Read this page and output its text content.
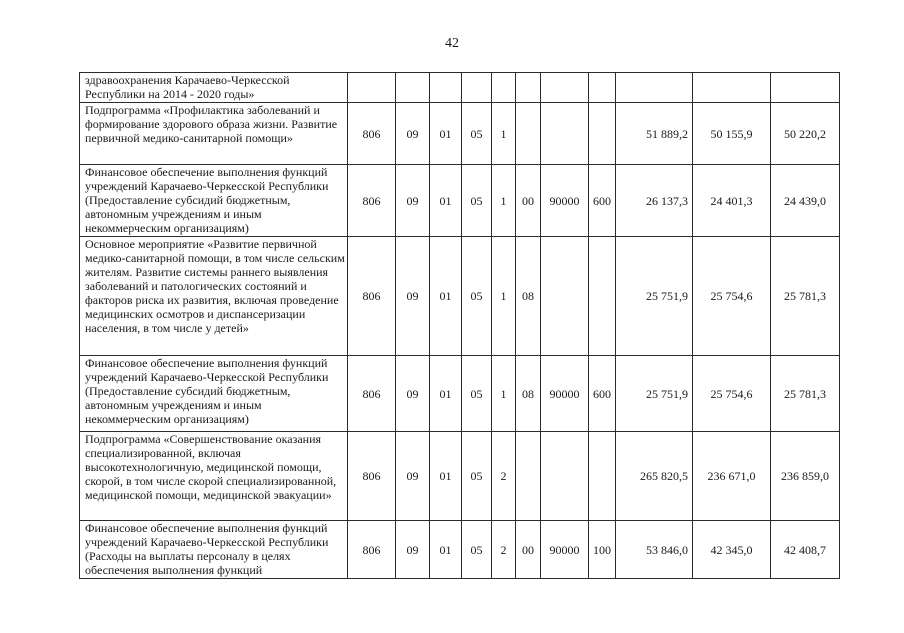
42
здравоохранения Карачаево-Черкесской Республики на 2014 - 2020 годы»											
Подпрограмма «Профилактика заболеваний и формирование здорового образа жизни. Развитие первичной медико-санитарной помощи»	806	09	01	05	1				51 889,2	50 155,9	50 220,2
Финансовое обеспечение выполнения функций учреждений Карачаево-Черкесской Республики (Предоставление субсидий бюджетным, автономным учреждениям и иным некоммерческим организациям)	806	09	01	05	1	00	90000	600	26 137,3	24 401,3	24 439,0
Основное мероприятие «Развитие первичной медико-санитарной помощи, в том числе сельским жителям. Развитие системы раннего выявления заболеваний и патологических состояний и факторов риска их развития, включая проведение медицинских осмотров и диспансеризации населения, в том числе у детей»	806	09	01	05	1	08			25 751,9	25 754,6	25 781,3
Финансовое обеспечение выполнения функций учреждений Карачаево-Черкесской Республики (Предоставление субсидий бюджетным, автономным учреждениям и иным некоммерческим организациям)	806	09	01	05	1	08	90000	600	25 751,9	25 754,6	25 781,3
Подпрограмма «Совершенствование оказания специализированной, включая высокотехнологичную, медицинской помощи, скорой, в том числе скорой специализированной, медицинской помощи, медицинской эвакуации»	806	09	01	05	2				265 820,5	236 671,0	236 859,0
Финансовое обеспечение выполнения функций учреждений Карачаево-Черкесской Республики (Расходы на выплаты персоналу в целях обеспечения выполнения функций	806	09	01	05	2	00	90000	100	53 846,0	42 345,0	42 408,7
